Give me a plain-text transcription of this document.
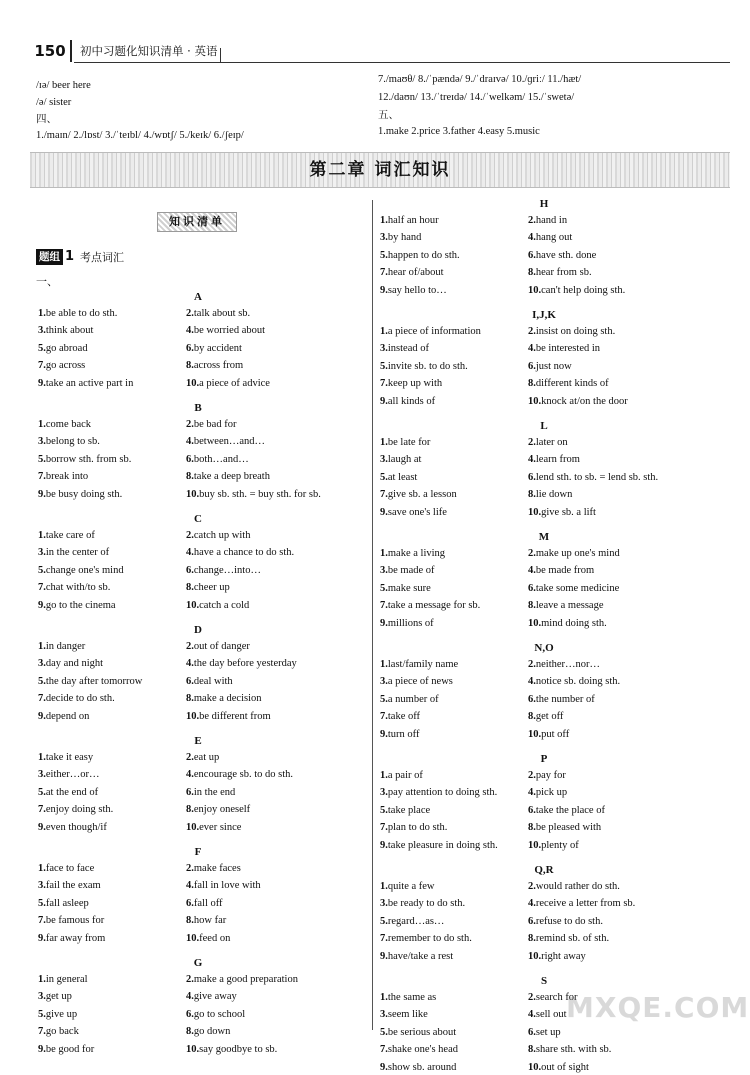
150	初中习题化知识清单 · 英语
/ɪə/ beer here
/ə/ sister
四、
1./maɪn/ 2./lɒst/ 3./ˈteɪbl/ 4./wɒtʃ/ 5./keɪk/ 6./ʃeɪp/
7./maʊθ/ 8./ˈpændə/ 9./ˈdraɪvə/ 10./ɡriː/ 11./hæt/
12./daʊn/ 13./ˈtreɪdə/ 14./ˈwelkəm/ 15./ˈswetə/
五、
1.make 2.price 3.father 4.easy 5.music
第二章 词汇知识
知识清单
题组 1 考点词汇
一、
A
1.be able to do sth.	2.talk about sb.
3.think about	4.be worried about
5.go abroad	6.by accident
7.go across	8.across from
9.take an active part in	10.a piece of advice
B
1.come back	2.be bad for
3.belong to sb.	4.between…and…
5.borrow sth. from sb.	6.both…and…
7.break into	8.take a deep breath
9.be busy doing sth.	10.buy sb. sth. = buy sth. for sb.
C
1.take care of	2.catch up with
3.in the center of	4.have a chance to do sth.
5.change one's mind	6.change…into…
7.chat with/to sb.	8.cheer up
9.go to the cinema	10.catch a cold
D
1.in danger	2.out of danger
3.day and night	4.the day before yesterday
5.the day after tomorrow	6.deal with
7.decide to do sth.	8.make a decision
9.depend on	10.be different from
E
1.take it easy	2.eat up
3.either…or…	4.encourage sb. to do sth.
5.at the end of	6.in the end
7.enjoy doing sth.	8.enjoy oneself
9.even though/if	10.ever since
F
1.face to face	2.make faces
3.fail the exam	4.fall in love with
5.fall asleep	6.fall off
7.be famous for	8.how far
9.far away from	10.feed on
G
1.in general	2.make a good preparation
3.get up	4.give away
5.give up	6.go to school
7.go back	8.go down
9.be good for	10.say goodbye to sb.
H
1.half an hour	2.hand in
3.by hand	4.hang out
5.happen to do sth.	6.have sth. done
7.hear of/about	8.hear from sb.
9.say hello to…	10.can't help doing sth.
I,J,K
1.a piece of information	2.insist on doing sth.
3.instead of	4.be interested in
5.invite sb. to do sth.	6.just now
7.keep up with	8.different kinds of
9.all kinds of	10.knock at/on the door
L
1.be late for	2.later on
3.laugh at	4.learn from
5.at least	6.lend sth. to sb. = lend sb. sth.
7.give sb. a lesson	8.lie down
9.save one's life	10.give sb. a lift
M
1.make a living	2.make up one's mind
3.be made of	4.be made from
5.make sure	6.take some medicine
7.take a message for sb.	8.leave a message
9.millions of	10.mind doing sth.
N,O
1.last/family name	2.neither…nor…
3.a piece of news	4.notice sb. doing sth.
5.a number of	6.the number of
7.take off	8.get off
9.turn off	10.put off
P
1.a pair of	2.pay for
3.pay attention to doing sth.	4.pick up
5.take place	6.take the place of
7.plan to do sth.	8.be pleased with
9.take pleasure in doing sth.	10.plenty of
Q,R
1.quite a few	2.would rather do sth.
3.be ready to do sth.	4.receive a letter from sb.
5.regard…as…	6.refuse to do sth.
7.remember to do sth.	8.remind sb. of sth.
9.have/take a rest	10.right away
S
1.the same as	2.search for
3.seem like	4.sell out
5.be serious about	6.set up
7.shake one's head	8.share sth. with sb.
9.show sb. around	10.out of sight
MXQE.COM
